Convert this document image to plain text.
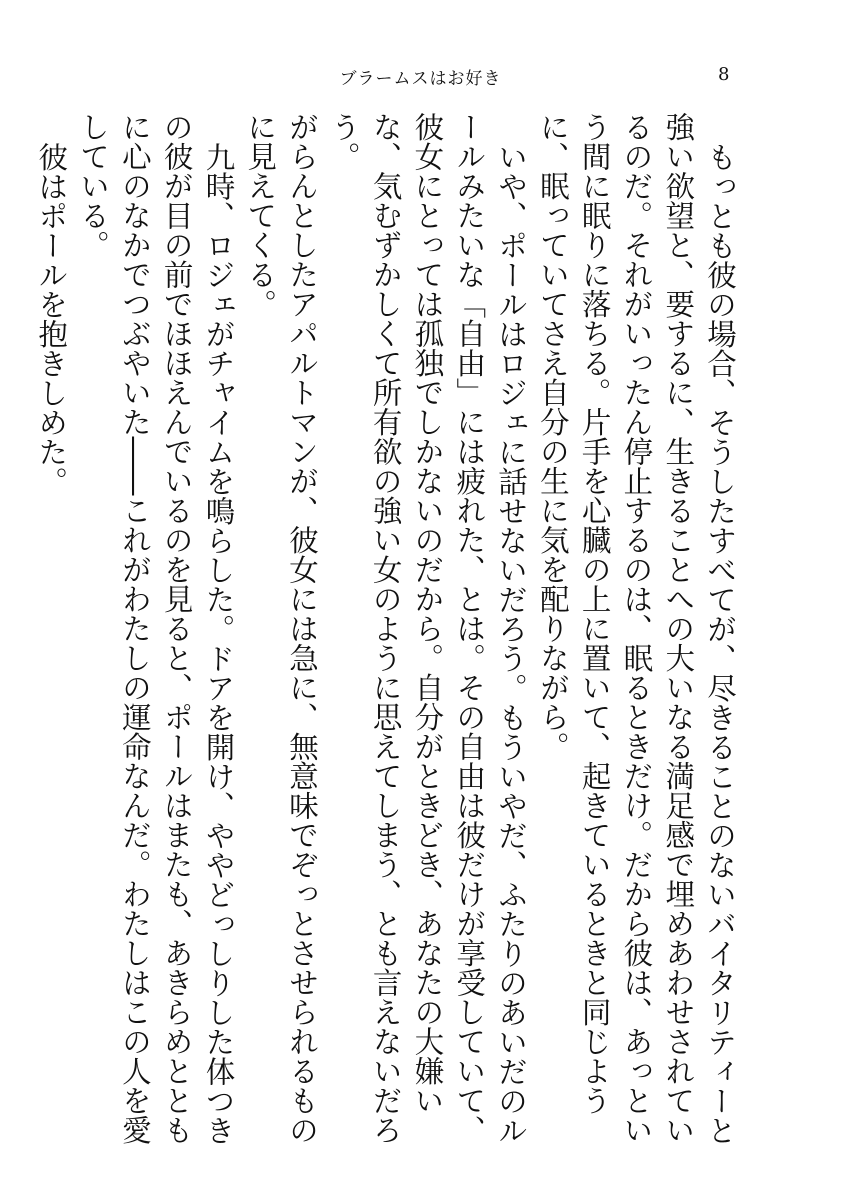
ブラームスはお好き	8

もっとも彼の場合、そうしたすべてが、尽きることのないバイタリティーと強い欲望と、要するに、生きることへの大いなる満足感で埋めあわせされているのだ。それがいったん停止するのは、眠るときだけ。だから彼は、あっという間に眠りに落ちる。片手を心臓の上に置いて、起きているときと同じように、眠っていてさえ自分の生に気を配りながら。

いや、ポールはロジェに話せないだろう。もういやだ、ふたりのあいだのルールみたいな「自由」には疲れた、とは。その自由は彼だけが享受していて、彼女にとっては孤独でしかないのだから。自分がときどき、あなたの大嫌いな、気むずかしくて所有欲の強い女のように思えてしまう、とも言えないだろう。

がらんとしたアパルトマンが、彼女には急に、無意味でぞっとさせられるものに見えてくる。

九時、ロジェがチャイムを鳴らした。ドアを開け、ややどっしりした体つきの彼が目の前でほほえんでいるのを見ると、ポールはまたも、あきらめとともに心のなかでつぶやいた――これがわたしの運命なんだ。わたしはこの人を愛している。

彼はポールを抱きしめた。
